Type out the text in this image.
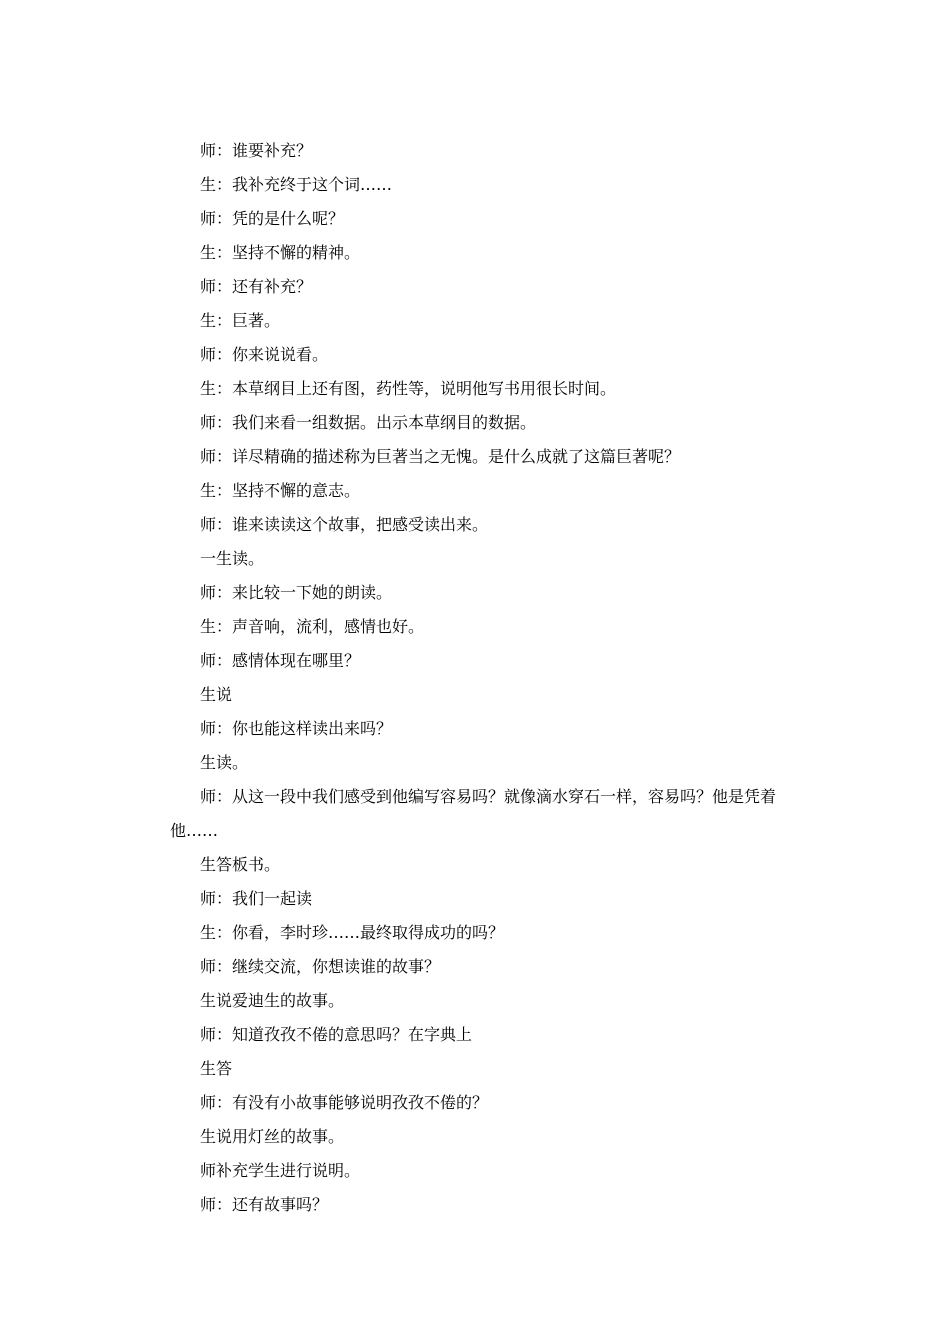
师：谁要补充？

生：我补充终于这个词……

师：凭的是什么呢？

生：坚持不懈的精神。

师：还有补充？

生：巨著。

师：你来说说看。

生：本草纲目上还有图，药性等，说明他写书用很长时间。

师：我们来看一组数据。出示本草纲目的数据。

师：详尽精确的描述称为巨著当之无愧。是什么成就了这篇巨著呢？

生：坚持不懈的意志。

师：谁来读读这个故事，把感受读出来。

一生读。

师：来比较一下她的朗读。

生：声音响，流利，感情也好。

师：感情体现在哪里？

生说

师：你也能这样读出来吗？

生读。

师：从这一段中我们感受到他编写容易吗？就像滴水穿石一样，容易吗？他是凭着他……

生答板书。

师：我们一起读

生：你看，李时珍……最终取得成功的吗？

师：继续交流，你想读谁的故事？

生说爱迪生的故事。

师：知道孜孜不倦的意思吗？在字典上

生答

师：有没有小故事能够说明孜孜不倦的？

生说用灯丝的故事。

师补充学生进行说明。

师：还有故事吗？
